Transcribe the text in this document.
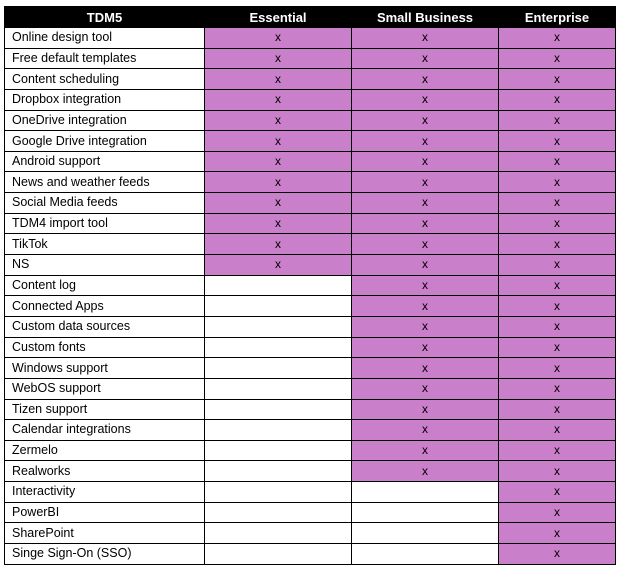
TDM5	Essential	Small Business	Enterprise
Online design tool	x	x	x
Free default templates	x	x	x
Content scheduling	x	x	x
Dropbox integration	x	x	x
OneDrive integration	x	x	x
Google Drive integration	x	x	x
Android support	x	x	x
News and weather feeds	x	x	x
Social Media feeds	x	x	x
TDM4 import tool	x	x	x
TikTok	x	x	x
NS	x	x	x
Content log		x	x
Connected Apps		x	x
Custom data sources		x	x
Custom fonts		x	x
Windows support		x	x
WebOS support		x	x
Tizen support		x	x
Calendar integrations		x	x
Zermelo		x	x
Realworks		x	x
Interactivity			x
PowerBI			x
SharePoint			x
Singe Sign-On (SSO)			x
